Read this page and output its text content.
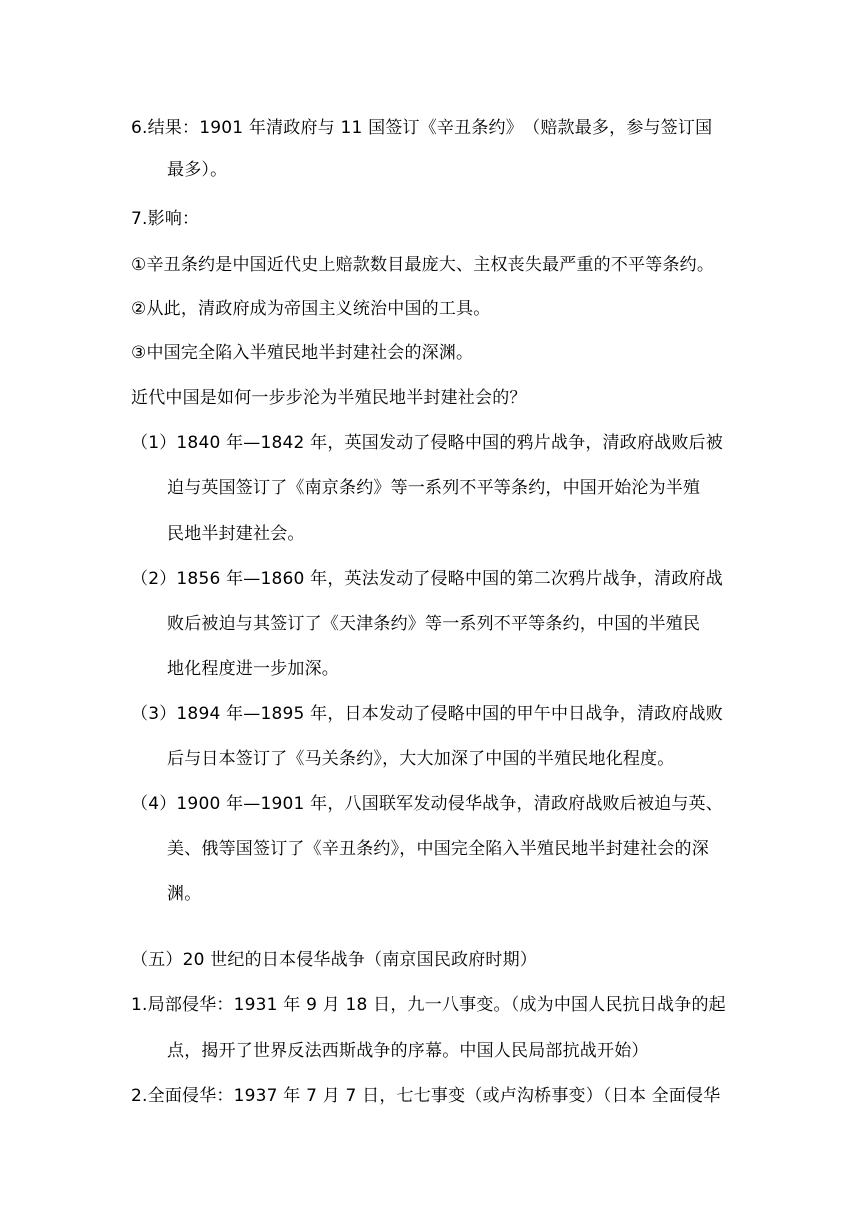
6.结果：1901 年清政府与 11 国签订《辛丑条约》　（赔款最多，参与签订国
最多）。
7.影响：
①辛丑条约是中国近代史上赔款数目最庞大、主权丧失最严重的不平等条约。
②从此，清政府成为帝国主义统治中国的工具。
③中国完全陷入半殖民地半封建社会的深渊。
近代中国是如何一步步沦为半殖民地半封建社会的？
（1）1840 年—1842 年，英国发动了侵略中国的鸦片战争，清政府战败后被
迫与英国签订了《南京条约》等一系列不平等条约，中国开始沦为半殖
民地半封建社会。
（2）1856 年—1860 年，英法发动了侵略中国的第二次鸦片战争，清政府战
败后被迫与其签订了《天津条约》等一系列不平等条约，中国的半殖民
地化程度进一步加深。
（3）1894 年—1895 年，日本发动了侵略中国的甲午中日战争，清政府战败
后与日本签订了《马关条约》，大大加深了中国的半殖民地化程度。
（4）1900 年—1901 年，八国联军发动侵华战争，清政府战败后被迫与英、
美、俄等国签订了《辛丑条约》，中国完全陷入半殖民地半封建社会的深
渊。
（五）20 世纪的日本侵华战争（南京国民政府时期）
1.局部侵华：1931 年 9 月 18 日，九一八事变。（成为中国人民抗日战争的起
点，揭开了世界反法西斯战争的序幕。中国人民局部抗战开始）
2.全面侵华：1937 年 7 月 7 日，七七事变（或卢沟桥事变）（日本 全面侵华
